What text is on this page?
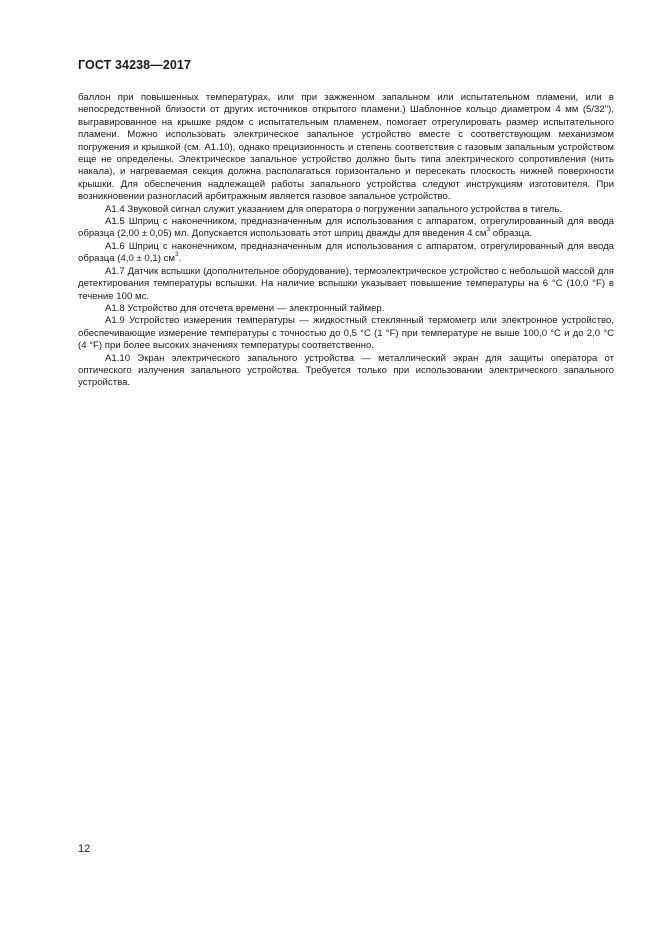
ГОСТ 34238—2017

баллон при повышенных температурах, или при зажженном запальном или испытательном пламени, или в непосредственной близости от других источников открытого пламени.) Шаблонное кольцо диаметром 4 мм (5/32"), выгравированное на крышке рядом с испытательным пламенем, помогает отрегулировать размер испытательного пламени. Можно использовать электрическое запальное устройство вместе с соответствующим механизмом погружения и крышкой (см. A1.10), однако прецизионность и степень соответствия с газовым запальным устройством еще не определены. Электрическое запальное устройство должно быть типа электрического сопротивления (нить накала), и нагреваемая секция должна располагаться горизонтально и пересекать плоскость нижней поверхности крышки. Для обеспечения надлежащей работы запального устройства следуют инструкциям изготовителя. При возникновении разногласий арбитражным является газовое запальное устройство.

A1.4 Звуковой сигнал служит указанием для оператора о погружении запального устройства в тигель.

A1.5 Шприц с наконечником, предназначенным для использования с аппаратом, отрегулированный для ввода образца (2,00 ± 0,05) мл. Допускается использовать этот шприц дважды для введения 4 $см^3$ образца.

A1.6 Шприц с наконечником, предназначенным для использования с аппаратом, отрегулированный для ввода образца (4,0 ± 0,1) $см^3$.

A1.7 Датчик вспышки (дополнительное оборудование), термоэлектрическое устройство с небольшой массой для детектирования температуры вспышки. На наличие вспышки указывает повышение температуры на 6 °С (10,0 °F) в течение 100 мс.

A1.8 Устройство для отсчета времени — электронный таймер.

A1.9 Устройство измерения температуры — жидкостный стеклянный термометр или электронное устройство, обеспечивающие измерение температуры с точностью до 0,5 °С (1 °F) при температуре не выше 100,0 °С и до 2,0 °С (4 °F) при более высоких значениях температуры соответственно.

A1.10 Экран электрического запального устройства — металлический экран для защиты оператора от оптического излучения запального устройства. Требуется только при использовании электрического запального устройства.

12
